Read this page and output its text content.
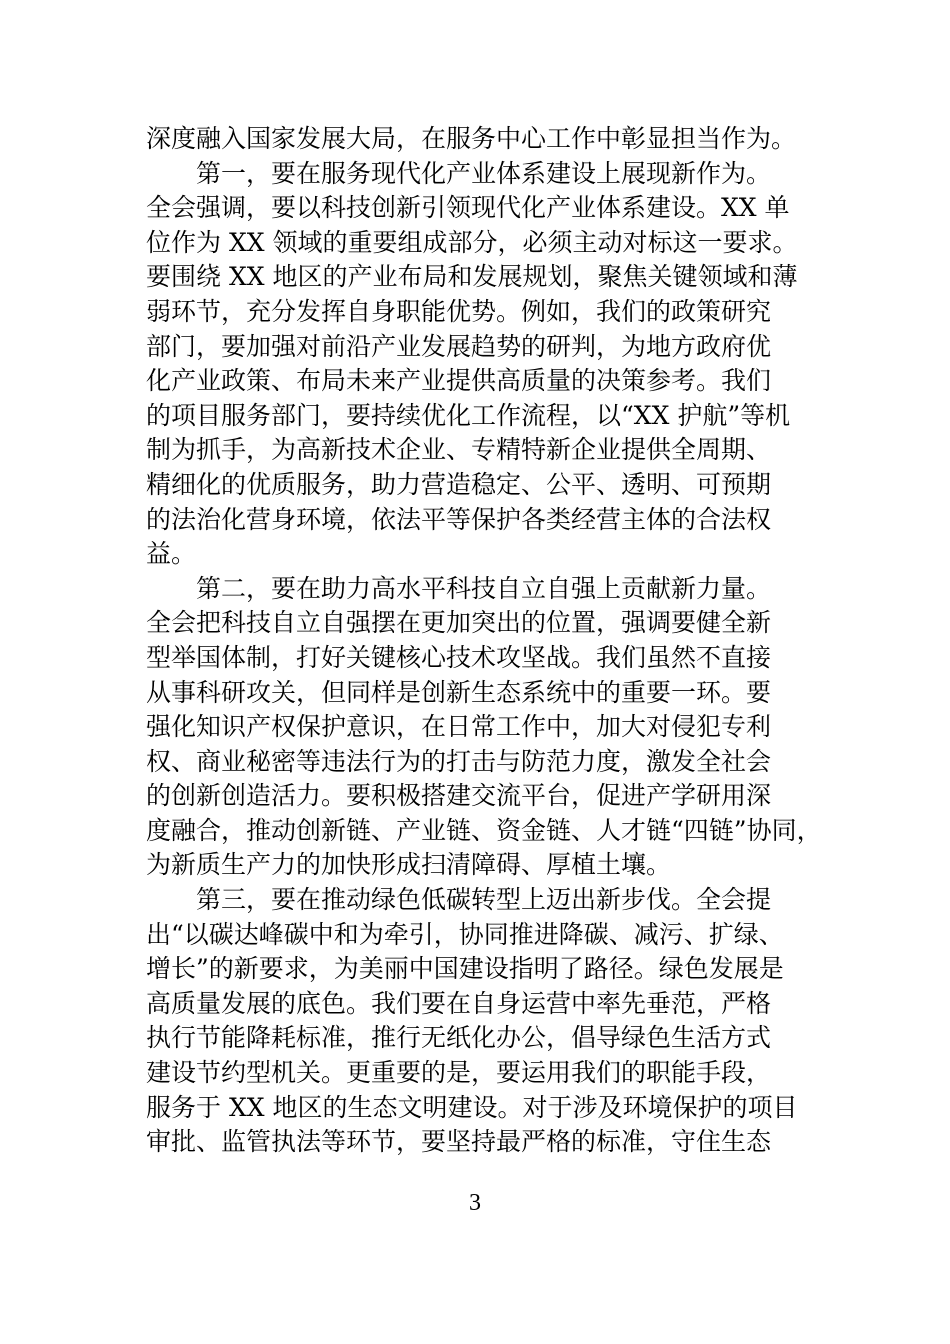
深度融入国家发展大局，在服务中心工作中彰显担当作为。
第一，要在服务现代化产业体系建设上展现新作为。
全会强调，要以科技创新引领现代化产业体系建设。XX 单
位作为 XX 领域的重要组成部分，必须主动对标这一要求。
要围绕 XX 地区的产业布局和发展规划，聚焦关键领域和薄
弱环节，充分发挥自身职能优势。例如，我们的政策研究
部门，要加强对前沿产业发展趋势的研判，为地方政府优
化产业政策、布局未来产业提供高质量的决策参考。我们
的项目服务部门，要持续优化工作流程，以“XX 护航”等机
制为抓手，为高新技术企业、专精特新企业提供全周期、
精细化的优质服务，助力营造稳定、公平、透明、可预期
的法治化营身环境，依法平等保护各类经营主体的合法权
益。
第二，要在助力高水平科技自立自强上贡献新力量。
全会把科技自立自强摆在更加突出的位置，强调要健全新
型举国体制，打好关键核心技术攻坚战。我们虽然不直接
从事科研攻关，但同样是创新生态系统中的重要一环。要
强化知识产权保护意识，在日常工作中，加大对侵犯专利
权、商业秘密等违法行为的打击与防范力度，激发全社会
的创新创造活力。要积极搭建交流平台，促进产学研用深
度融合，推动创新链、产业链、资金链、人才链“四链”协同，
为新质生产力的加快形成扫清障碍、厚植土壤。
第三，要在推动绿色低碳转型上迈出新步伐。全会提
出“以碳达峰碳中和为牵引，协同推进降碳、减污、扩绿、
增长”的新要求，为美丽中国建设指明了路径。绿色发展是
高质量发展的底色。我们要在自身运营中率先垂范，严格
执行节能降耗标准，推行无纸化办公，倡导绿色生活方式
建设节约型机关。更重要的是，要运用我们的职能手段，
服务于 XX 地区的生态文明建设。对于涉及环境保护的项目
审批、监管执法等环节，要坚持最严格的标准，守住生态
3
